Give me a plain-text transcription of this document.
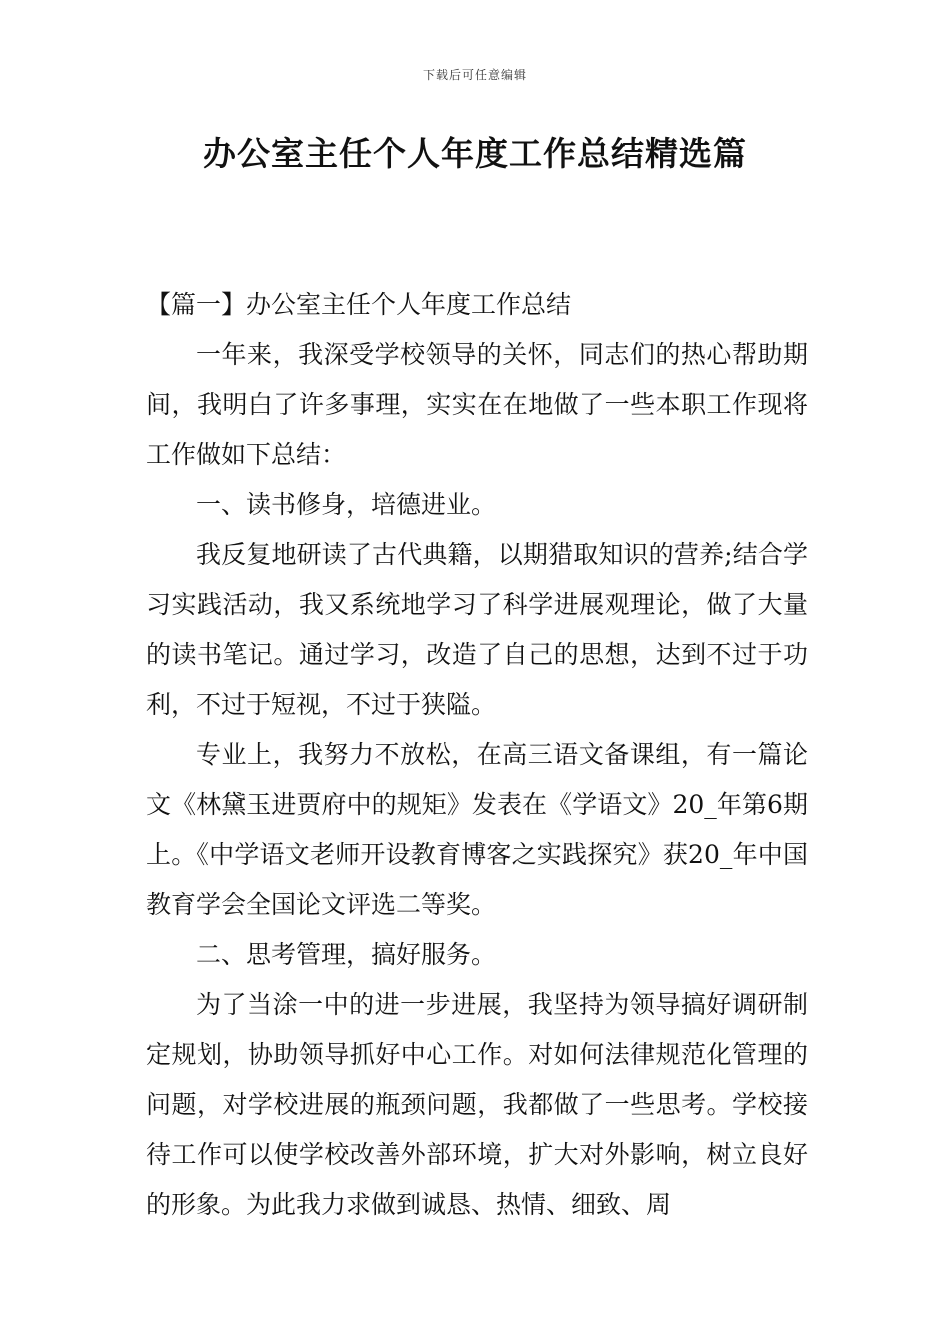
下载后可任意编辑
办公室主任个人年度工作总结精选篇

【篇一】办公室主任个人年度工作总结

一年来，我深受学校领导的关怀，同志们的热心帮助期间，我明白了许多事理，实实在在地做了一些本职工作现将工作做如下总结：

一、读书修身，培德进业。

我反复地研读了古代典籍，以期猎取知识的营养;结合学习实践活动，我又系统地学习了科学进展观理论，做了大量的读书笔记。通过学习，改造了自己的思想，达到不过于功利，不过于短视，不过于狭隘。

专业上，我努力不放松，在高三语文备课组，有一篇论文《林黛玉进贾府中的规矩》发表在《学语文》20_年第6期上。《中学语文老师开设教育博客之实践探究》获20_年中国教育学会全国论文评选二等奖。

二、思考管理，搞好服务。

为了当涂一中的进一步进展，我坚持为领导搞好调研制定规划，协助领导抓好中心工作。对如何法律规范化管理的问题，对学校进展的瓶颈问题，我都做了一些思考。学校接待工作可以使学校改善外部环境，扩大对外影响，树立良好的形象。为此我力求做到诚恳、热情、细致、周
